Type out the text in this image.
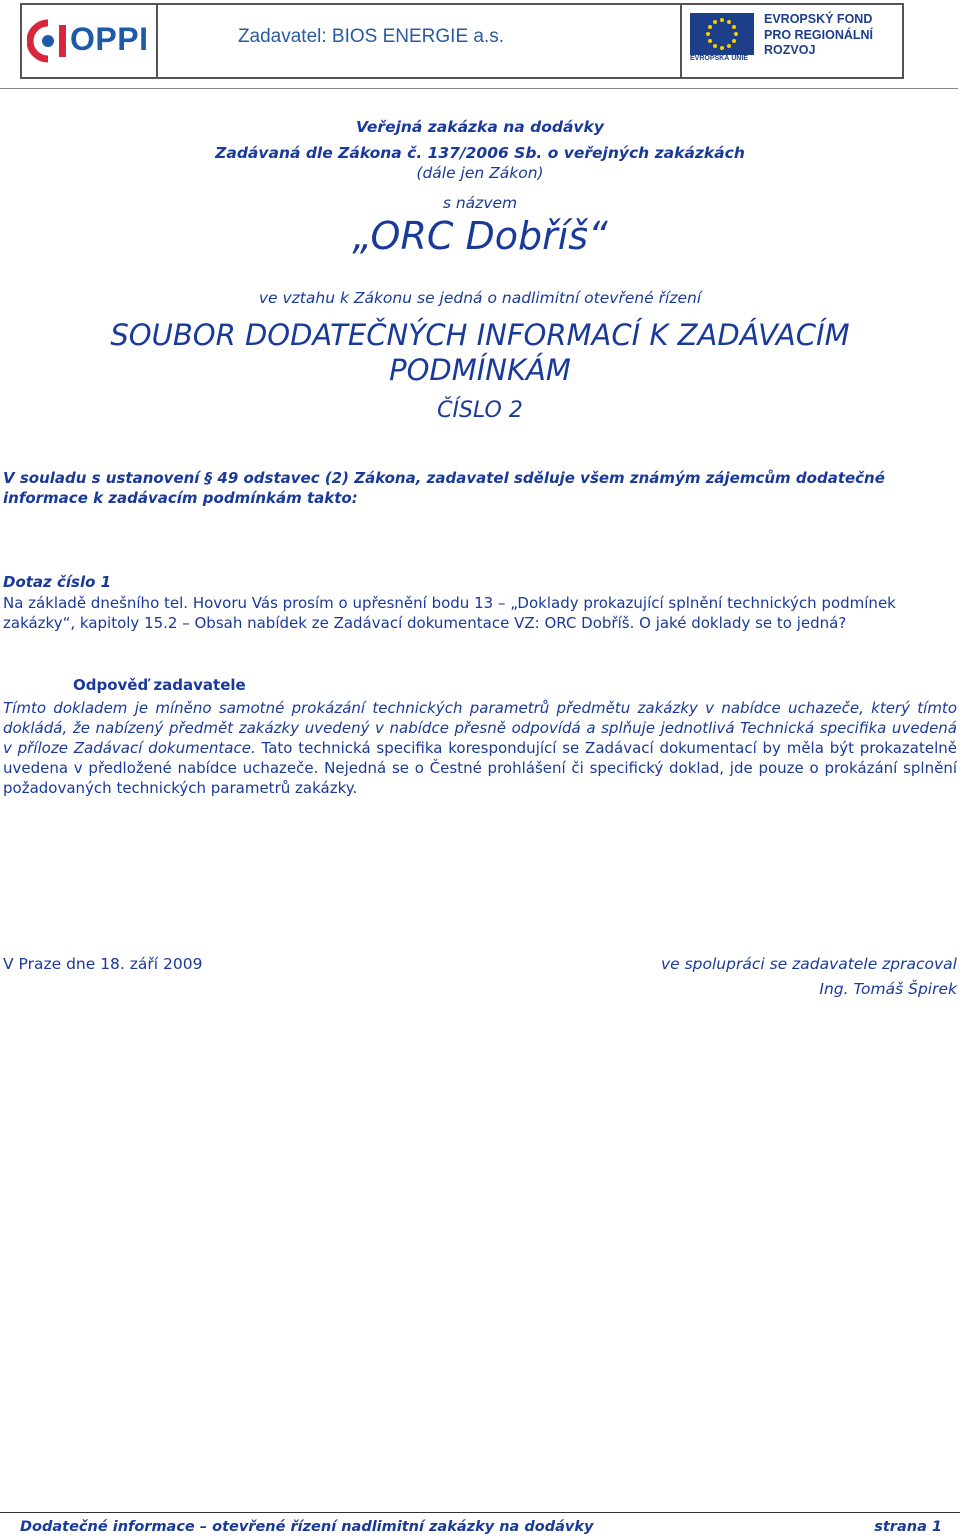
OPPI	Zadavatel: BIOS ENERGIE a.s.
EVROPSKÁ UNIE
EVROPSKÝ FOND
PRO REGIONÁLNÍ
ROZVOJ
Veřejná zakázka na dodávky
Zadávaná dle Zákona č. 137/2006 Sb. o veřejných zakázkách
(dále jen Zákon)
s názvem
„ORC Dobříš“
ve vztahu k Zákonu se jedná o nadlimitní otevřené řízení
SOUBOR DODATEČNÝCH INFORMACÍ K ZADÁVACÍM
PODMÍNKÁM
ČÍSLO 2
V souladu s ustanovení § 49 odstavec (2) Zákona, zadavatel sděluje všem známým zájemcům dodatečné informace k zadávacím podmínkám takto:
Dotaz číslo 1
Na základě dnešního tel. Hovoru Vás prosím o upřesnění bodu 13 – „Doklady prokazující splnění technických podmínek zakázky“, kapitoly 15.2 – Obsah nabídek ze Zadávací dokumentace VZ: ORC Dobříš. O jaké doklady se to jedná?
Odpověď zadavatele
Tímto dokladem je míněno samotné prokázání technických parametrů předmětu zakázky v nabídce uchazeče, který tímto dokládá, že nabízený předmět zakázky uvedený v nabídce přesně odpovídá a splňuje jednotlivá Technická specifika uvedená v příloze Zadávací dokumentace. Tato technická specifika korespondující se Zadávací dokumentací by měla být prokazatelně uvedena v předložené nabídce uchazeče. Nejedná se o Čestné prohlášení či specifický doklad, jde pouze o prokázání splnění požadovaných technických parametrů zakázky.
V Praze dne 18. září 2009	ve spolupráci se zadavatele zpracoval
Ing. Tomáš Špirek
Dodatečné informace – otevřené řízení nadlimitní zakázky na dodávky	strana 1
